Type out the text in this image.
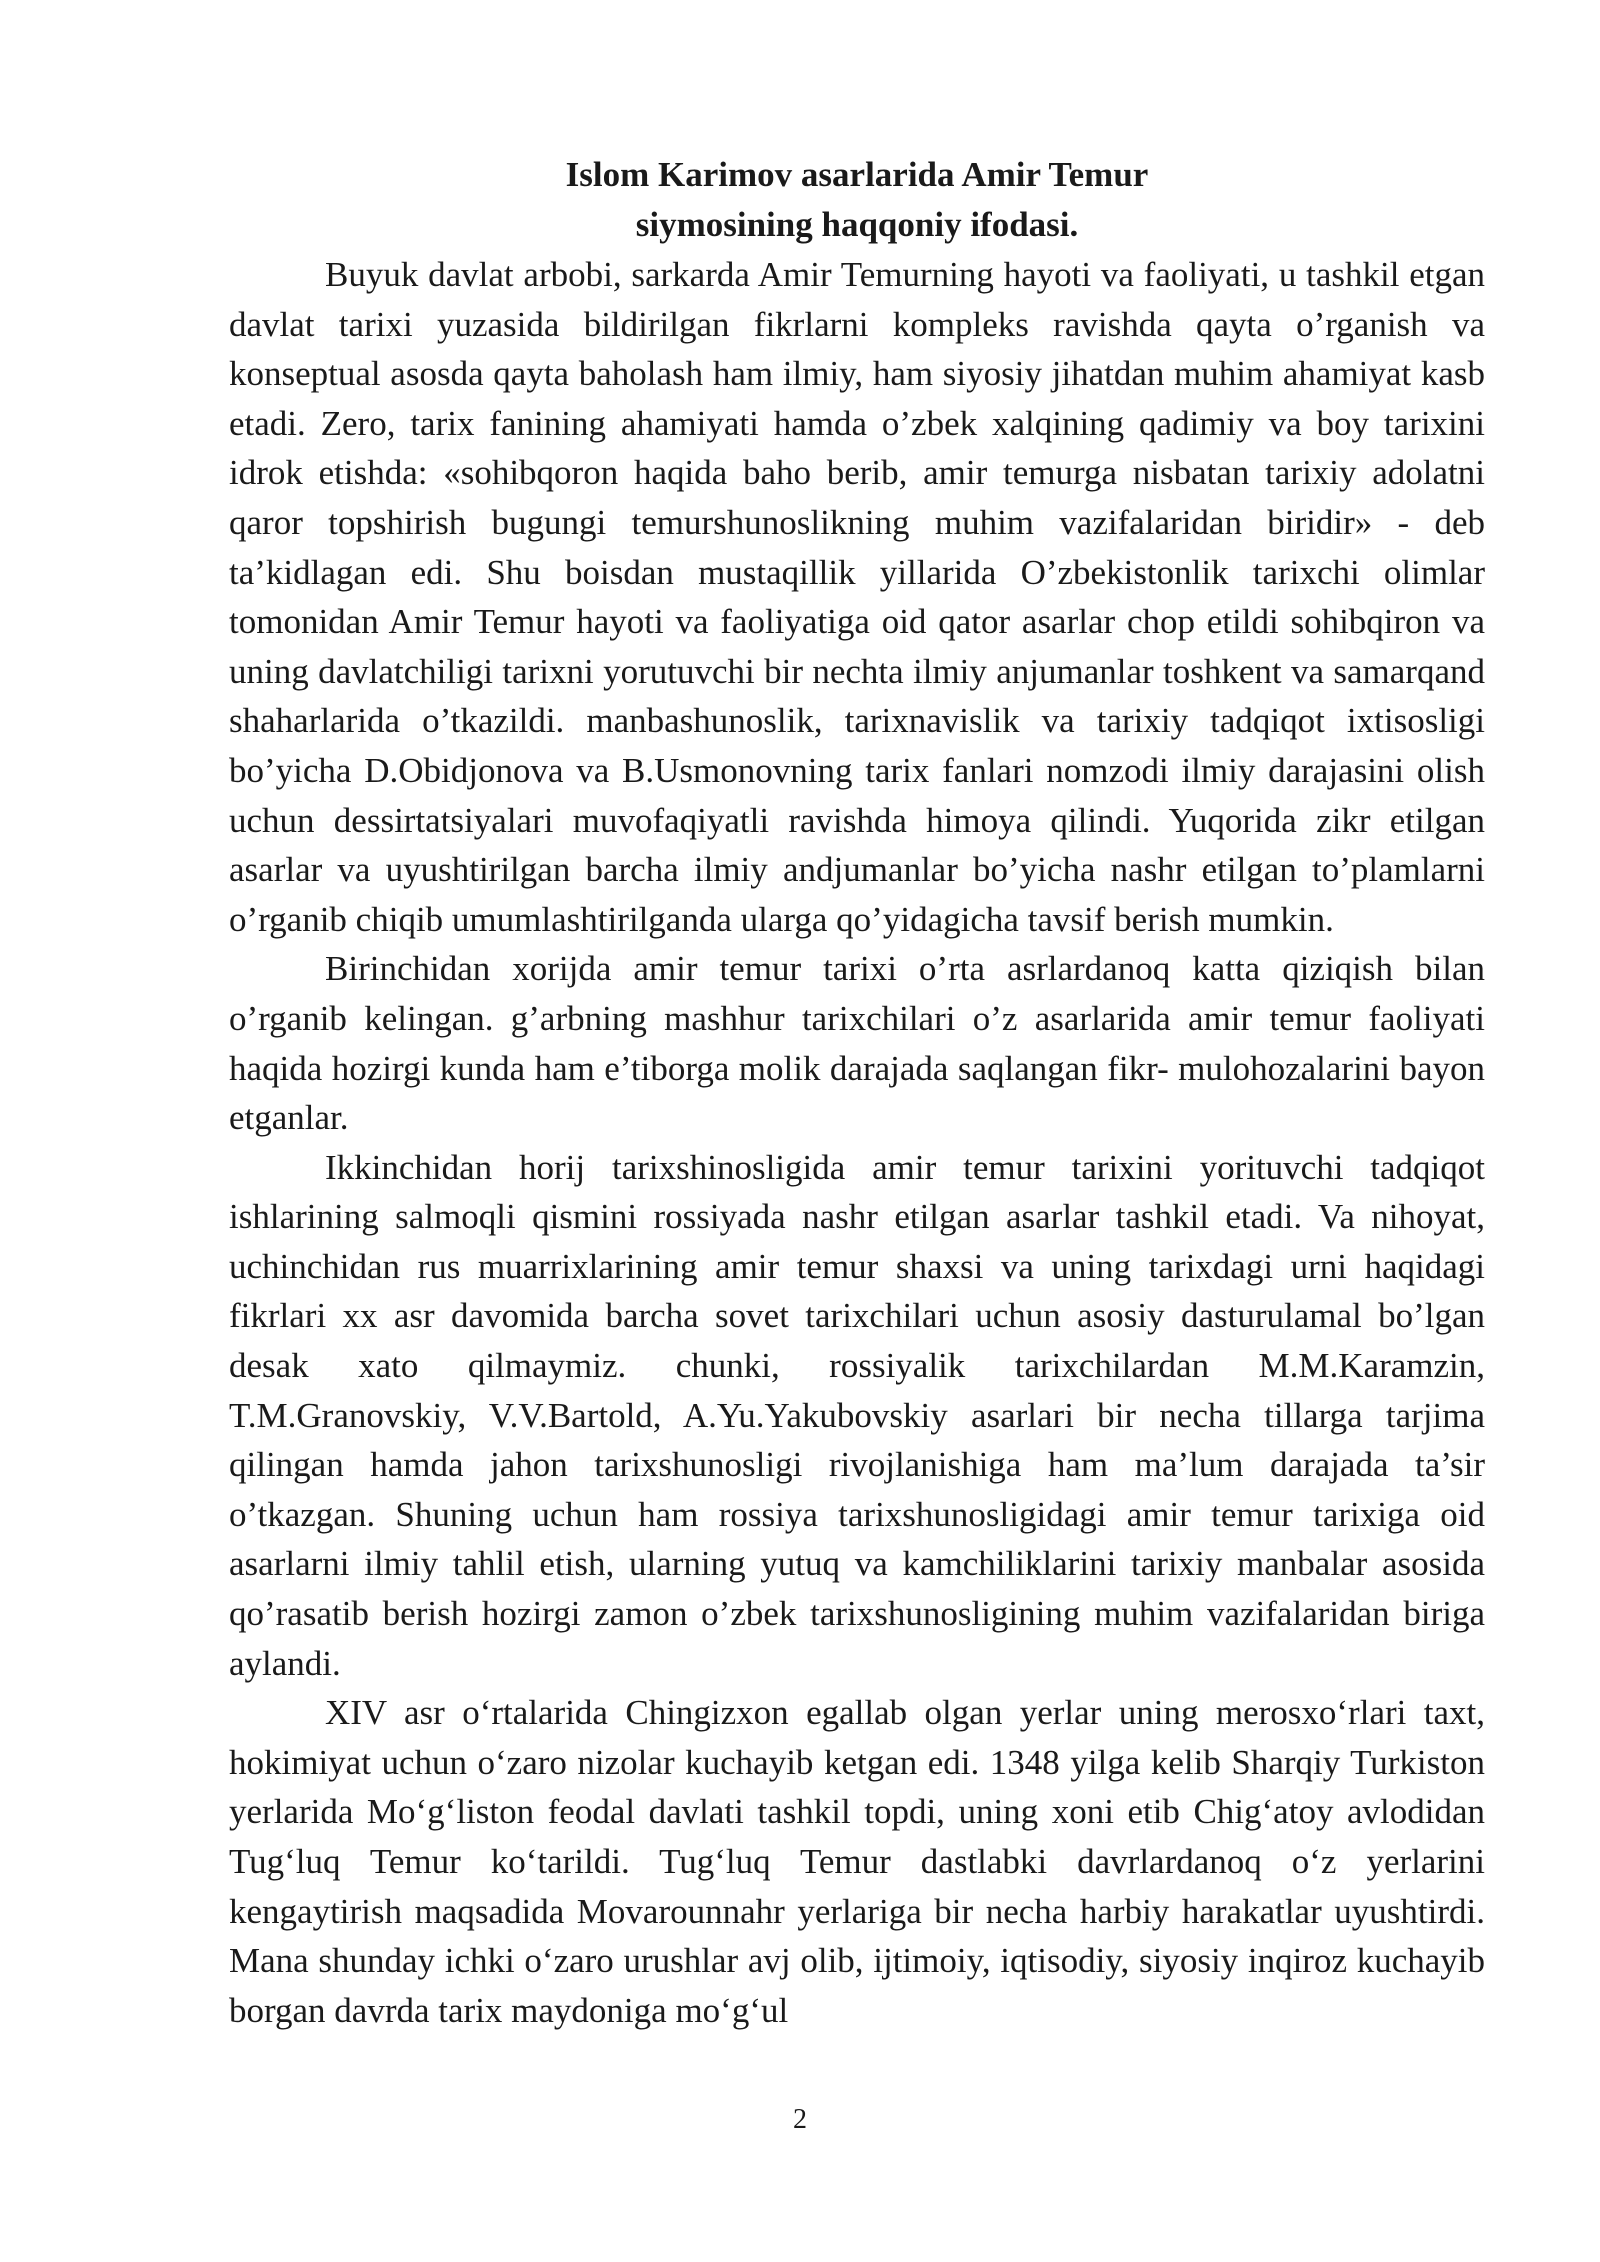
Islom Karimov asarlarida Amir Temur
siymosining haqqoniy ifodasi.

Buyuk davlat arbobi, sarkarda Amir Temurning hayoti va faoliyati, u tashkil etgan davlat tarixi yuzasida bildirilgan fikrlarni kompleks ravishda qayta o’rganish va konseptual asosda qayta baholash ham ilmiy, ham siyosiy jihatdan muhim ahamiyat kasb etadi. Zero, tarix fanining ahamiyati hamda o’zbek xalqining qadimiy va boy tarixini idrok etishda: «sohibqoron haqida baho berib, amir temurga nisbatan tarixiy adolatni qaror topshirish bugungi temurshunoslikning muhim vazifalaridan biridir» - deb ta’kidlagan edi. Shu boisdan mustaqillik yillarida O’zbekistonlik tarixchi olimlar tomonidan Amir Temur hayoti va faoliyatiga oid qator asarlar chop etildi sohibqiron va uning davlatchiligi tarixni yorutuvchi bir nechta ilmiy anjumanlar toshkent va samarqand shaharlarida o’tkazildi. manbashunoslik, tarixnavislik va tarixiy tadqiqot ixtisosligi bo’yicha D.Obidjonova va B.Usmonovning tarix fanlari nomzodi ilmiy darajasini olish uchun dessirtatsiyalari muvofaqiyatli ravishda himoya qilindi. Yuqorida zikr etilgan asarlar va uyushtirilgan barcha ilmiy andjumanlar bo’yicha nashr etilgan to’plamlarni o’rganib chiqib umumlashtirilganda ularga qo’yidagicha tavsif berish mumkin.

Birinchidan xorijda amir temur tarixi o’rta asrlardanoq katta qiziqish bilan o’rganib kelingan. g’arbning mashhur tarixchilari o’z asarlarida amir temur faoliyati haqida hozirgi kunda ham e’tiborga molik darajada saqlangan fikr- mulohozalarini bayon etganlar.

Ikkinchidan horij tarixshinosligida amir temur tarixini yorituvchi tadqiqot ishlarining salmoqli qismini rossiyada nashr etilgan asarlar tashkil etadi. Va nihoyat, uchinchidan rus muarrixlarining amir temur shaxsi va uning tarixdagi urni haqidagi fikrlari xx asr davomida barcha sovet tarixchilari uchun asosiy dasturulamal bo’lgan desak xato qilmaymiz. chunki, rossiyalik tarixchilardan M.M.Karamzin, T.M.Granovskiy, V.V.Bartold, A.Yu.Yakubovskiy asarlari bir necha tillarga tarjima qilingan hamda jahon tarixshunosligi rivojlanishiga ham ma’lum darajada ta’sir o’tkazgan. Shuning uchun ham rossiya tarixshunosligidagi amir temur tarixiga oid asarlarni ilmiy tahlil etish, ularning yutuq va kamchiliklarini tarixiy manbalar asosida qo’rasatib berish hozirgi zamon o’zbek tarixshunosligining muhim vazifalaridan biriga aylandi.

XIV asr oʻrtalarida Chingizxon egallab olgan yerlar uning merosxoʻrlari taxt, hokimiyat uchun oʻzaro nizolar kuchayib ketgan edi. 1348 yilga kelib Sharqiy Turkiston yerlarida Moʻgʻliston feodal davlati tashkil topdi, uning xoni etib Chigʻatoy avlodidan Tugʻluq Temur koʻtarildi. Tugʻluq Temur dastlabki davrlardanoq oʻz yerlarini kengaytirish maqsadida Movarounnahr yerlariga bir necha harbiy harakatlar uyushtirdi. Mana shunday ichki oʻzaro urushlar avj olib, ijtimoiy, iqtisodiy, siyosiy inqiroz kuchayib borgan davrda tarix maydoniga moʻgʻul

2
